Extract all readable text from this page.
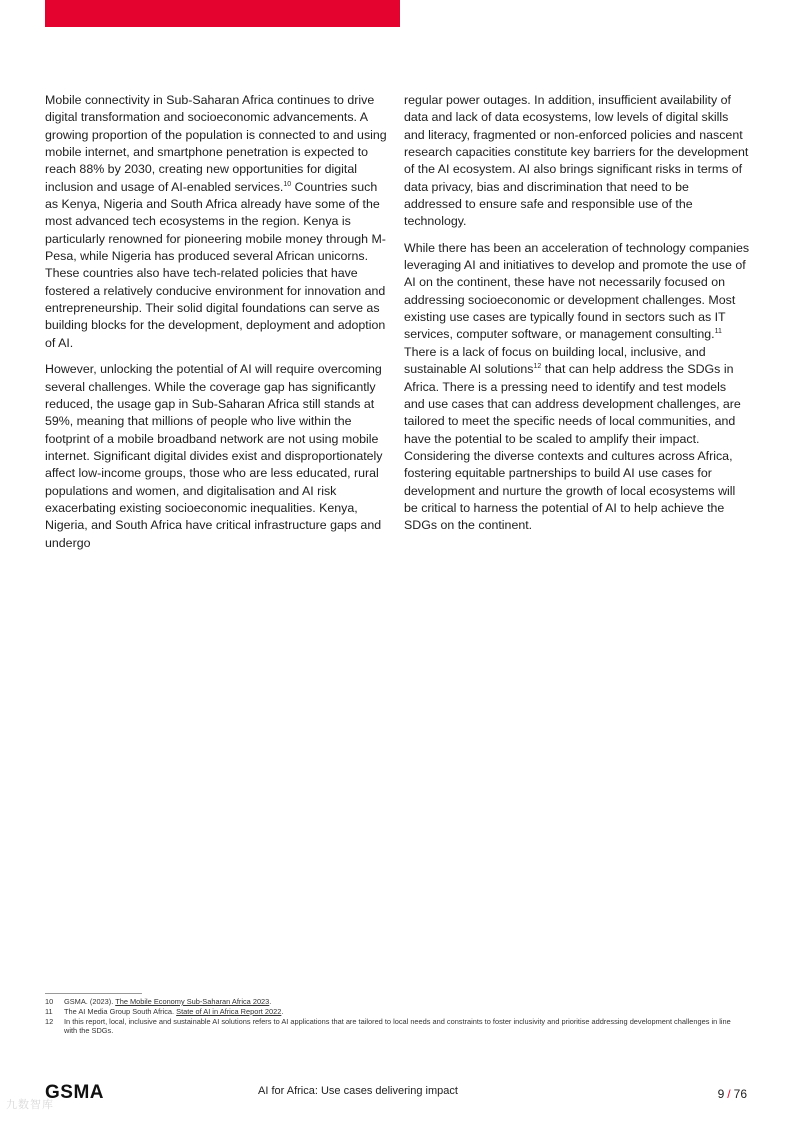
Mobile connectivity in Sub-Saharan Africa continues to drive digital transformation and socioeconomic advancements. A growing proportion of the population is connected to and using mobile internet, and smartphone penetration is expected to reach 88% by 2030, creating new opportunities for digital inclusion and usage of AI-enabled services.$^{10}$ Countries such as Kenya, Nigeria and South Africa already have some of the most advanced tech ecosystems in the region. Kenya is particularly renowned for pioneering mobile money through M-Pesa, while Nigeria has produced several African unicorns. These countries also have tech-related policies that have fostered a relatively conducive environment for innovation and entrepreneurship. Their solid digital foundations can serve as building blocks for the development, deployment and adoption of AI.

However, unlocking the potential of AI will require overcoming several challenges. While the coverage gap has significantly reduced, the usage gap in Sub-Saharan Africa still stands at 59%, meaning that millions of people who live within the footprint of a mobile broadband network are not using mobile internet. Significant digital divides exist and disproportionately affect low-income groups, those who are less educated, rural populations and women, and digitalisation and AI risk exacerbating existing socioeconomic inequalities. Kenya, Nigeria, and South Africa have critical infrastructure gaps and undergo

regular power outages. In addition, insufficient availability of data and lack of data ecosystems, low levels of digital skills and literacy, fragmented or non-enforced policies and nascent research capacities constitute key barriers for the development of the AI ecosystem. AI also brings significant risks in terms of data privacy, bias and discrimination that need to be addressed to ensure safe and responsible use of the technology.

While there has been an acceleration of technology companies leveraging AI and initiatives to develop and promote the use of AI on the continent, these have not necessarily focused on addressing socioeconomic or development challenges. Most existing use cases are typically found in sectors such as IT services, computer software, or management consulting.$^{11}$ There is a lack of focus on building local, inclusive, and sustainable AI solutions$^{12}$ that can help address the SDGs in Africa. There is a pressing need to identify and test models and use cases that can address development challenges, are tailored to meet the specific needs of local communities, and have the potential to be scaled to amplify their impact. Considering the diverse contexts and cultures across Africa, fostering equitable partnerships to build AI use cases for development and nurture the growth of local ecosystems will be critical to harness the potential of AI to help achieve the SDGs on the continent.

10	GSMA. (2023). The Mobile Economy Sub-Saharan Africa 2023.
11	The AI Media Group South Africa. State of AI in Africa Report 2022.
12	In this report, local, inclusive and sustainable AI solutions refers to AI applications that are tailored to local needs and constraints to foster inclusivity and prioritise addressing development challenges in line with the SDGs.
GSMA	AI for Africa: Use cases delivering impact	9 / 76
九数智库
